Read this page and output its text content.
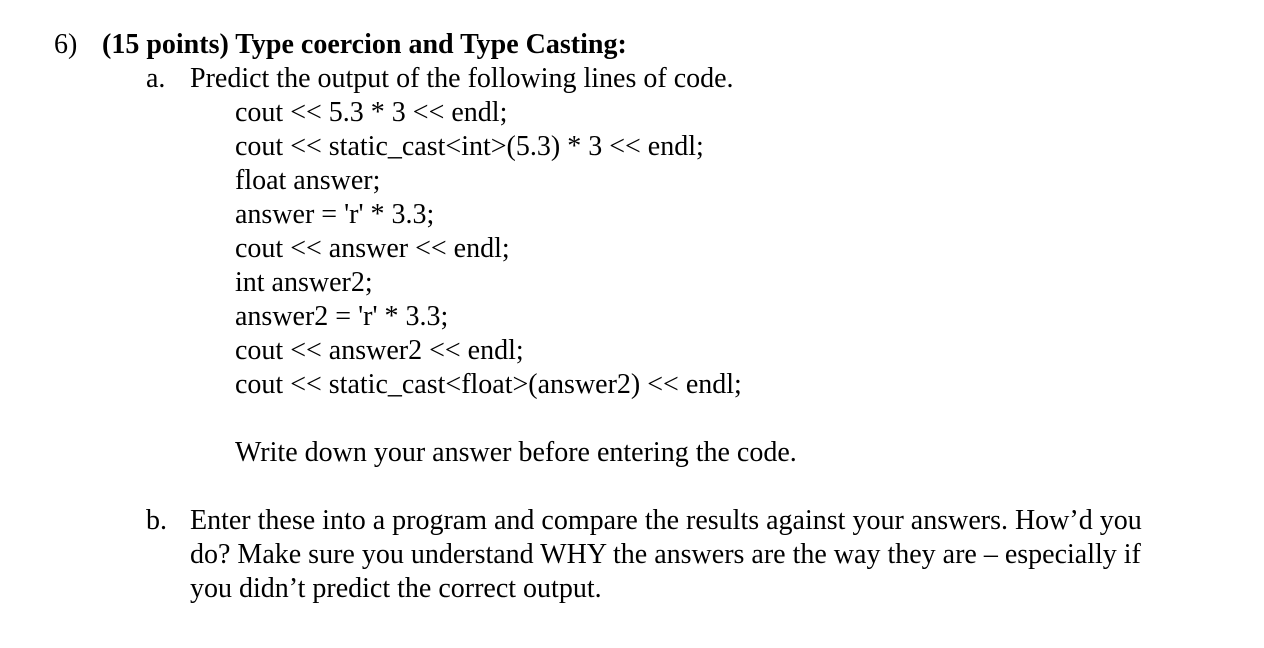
6) (15 points) Type coercion and Type Casting:
a. Predict the output of the following lines of code.
cout << 5.3 * 3 << endl;
cout << static_cast<int>(5.3) * 3 << endl;
float answer;
answer = 'r' * 3.3;
cout << answer << endl;
int answer2;
answer2 = 'r' * 3.3;
cout << answer2 << endl;
cout << static_cast<float>(answer2) << endl;
Write down your answer before entering the code.
b. Enter these into a program and compare the results against your answers. How’d you
do? Make sure you understand WHY the answers are the way they are – especially if
you didn’t predict the correct output.
